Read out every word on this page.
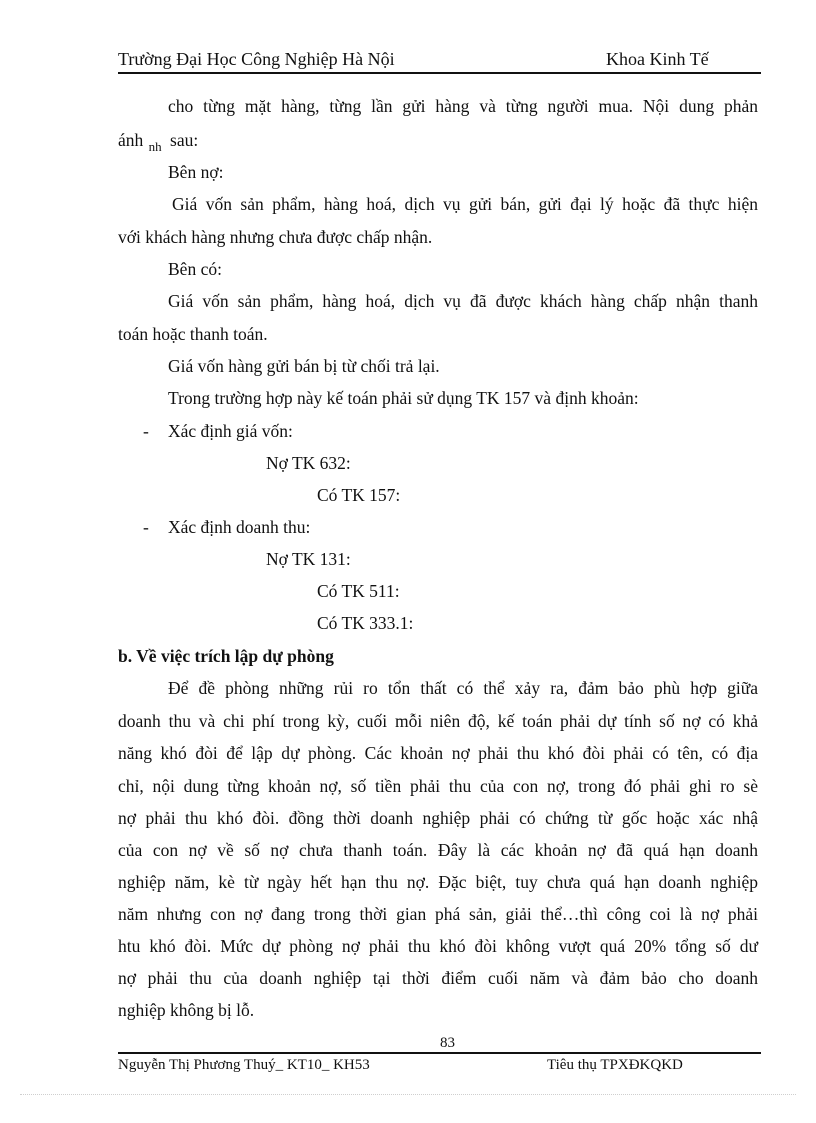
Trường Đại Học Công Nghiệp Hà Nội	Khoa Kinh Tế
cho từng mặt hàng, từng lần gửi hàng và từng người mua. Nội dung phản
ánh $_{nh}$ sau:
Bên nợ:
Giá vốn sản phẩm, hàng hoá, dịch vụ gửi bán, gửi đại lý hoặc đã thực hiện
với khách hàng nhưng chưa được chấp nhận.
Bên có:
Giá vốn sản phẩm, hàng hoá, dịch vụ đã được khách hàng chấp nhận thanh
toán hoặc thanh toán.
Giá vốn hàng gửi bán bị từ chối trả lại.
Trong trường hợp này kế toán phải sử dụng TK 157 và định khoản:
- Xác định giá vốn:
Nợ TK 632:
Có TK 157:
- Xác định doanh thu:
Nợ TK 131:
Có TK 511:
Có TK 333.1:
b. Về việc trích lập dự phòng
Để đề phòng những rủi ro tổn thất có thể xảy ra, đảm bảo phù hợp giữa
doanh thu và chi phí trong kỳ, cuối mỗi niên độ, kế toán phải dự tính số nợ có khả
năng khó đòi để lập dự phòng. Các khoản nợ phải thu khó đòi phải có tên, có địa
chỉ, nội dung từng khoản nợ, số tiền phải thu của con nợ, trong đó phải ghi ro sè
nợ phải thu khó đòi. đồng thời doanh nghiệp phải có chứng từ gốc hoặc xác nhậ
của con nợ về số nợ chưa thanh toán. Đây là các khoản nợ đã quá hạn doanh
nghiệp năm, kè từ ngày hết hạn thu nợ. Đặc biệt, tuy chưa quá hạn doanh nghiệp
năm nhưng con nợ đang trong thời gian phá sản, giải thể…thì công coi là nợ phải
htu khó đòi. Mức dự phòng nợ phải thu khó đòi không vượt quá 20% tổng số dư
nợ phải thu của doanh nghiệp tại thời điểm cuối năm và đảm bảo cho doanh
nghiệp không bị lỗ.
83
Nguyễn Thị Phương Thuý_ KT10_ KH53	Tiêu thụ TPXĐKQKD
